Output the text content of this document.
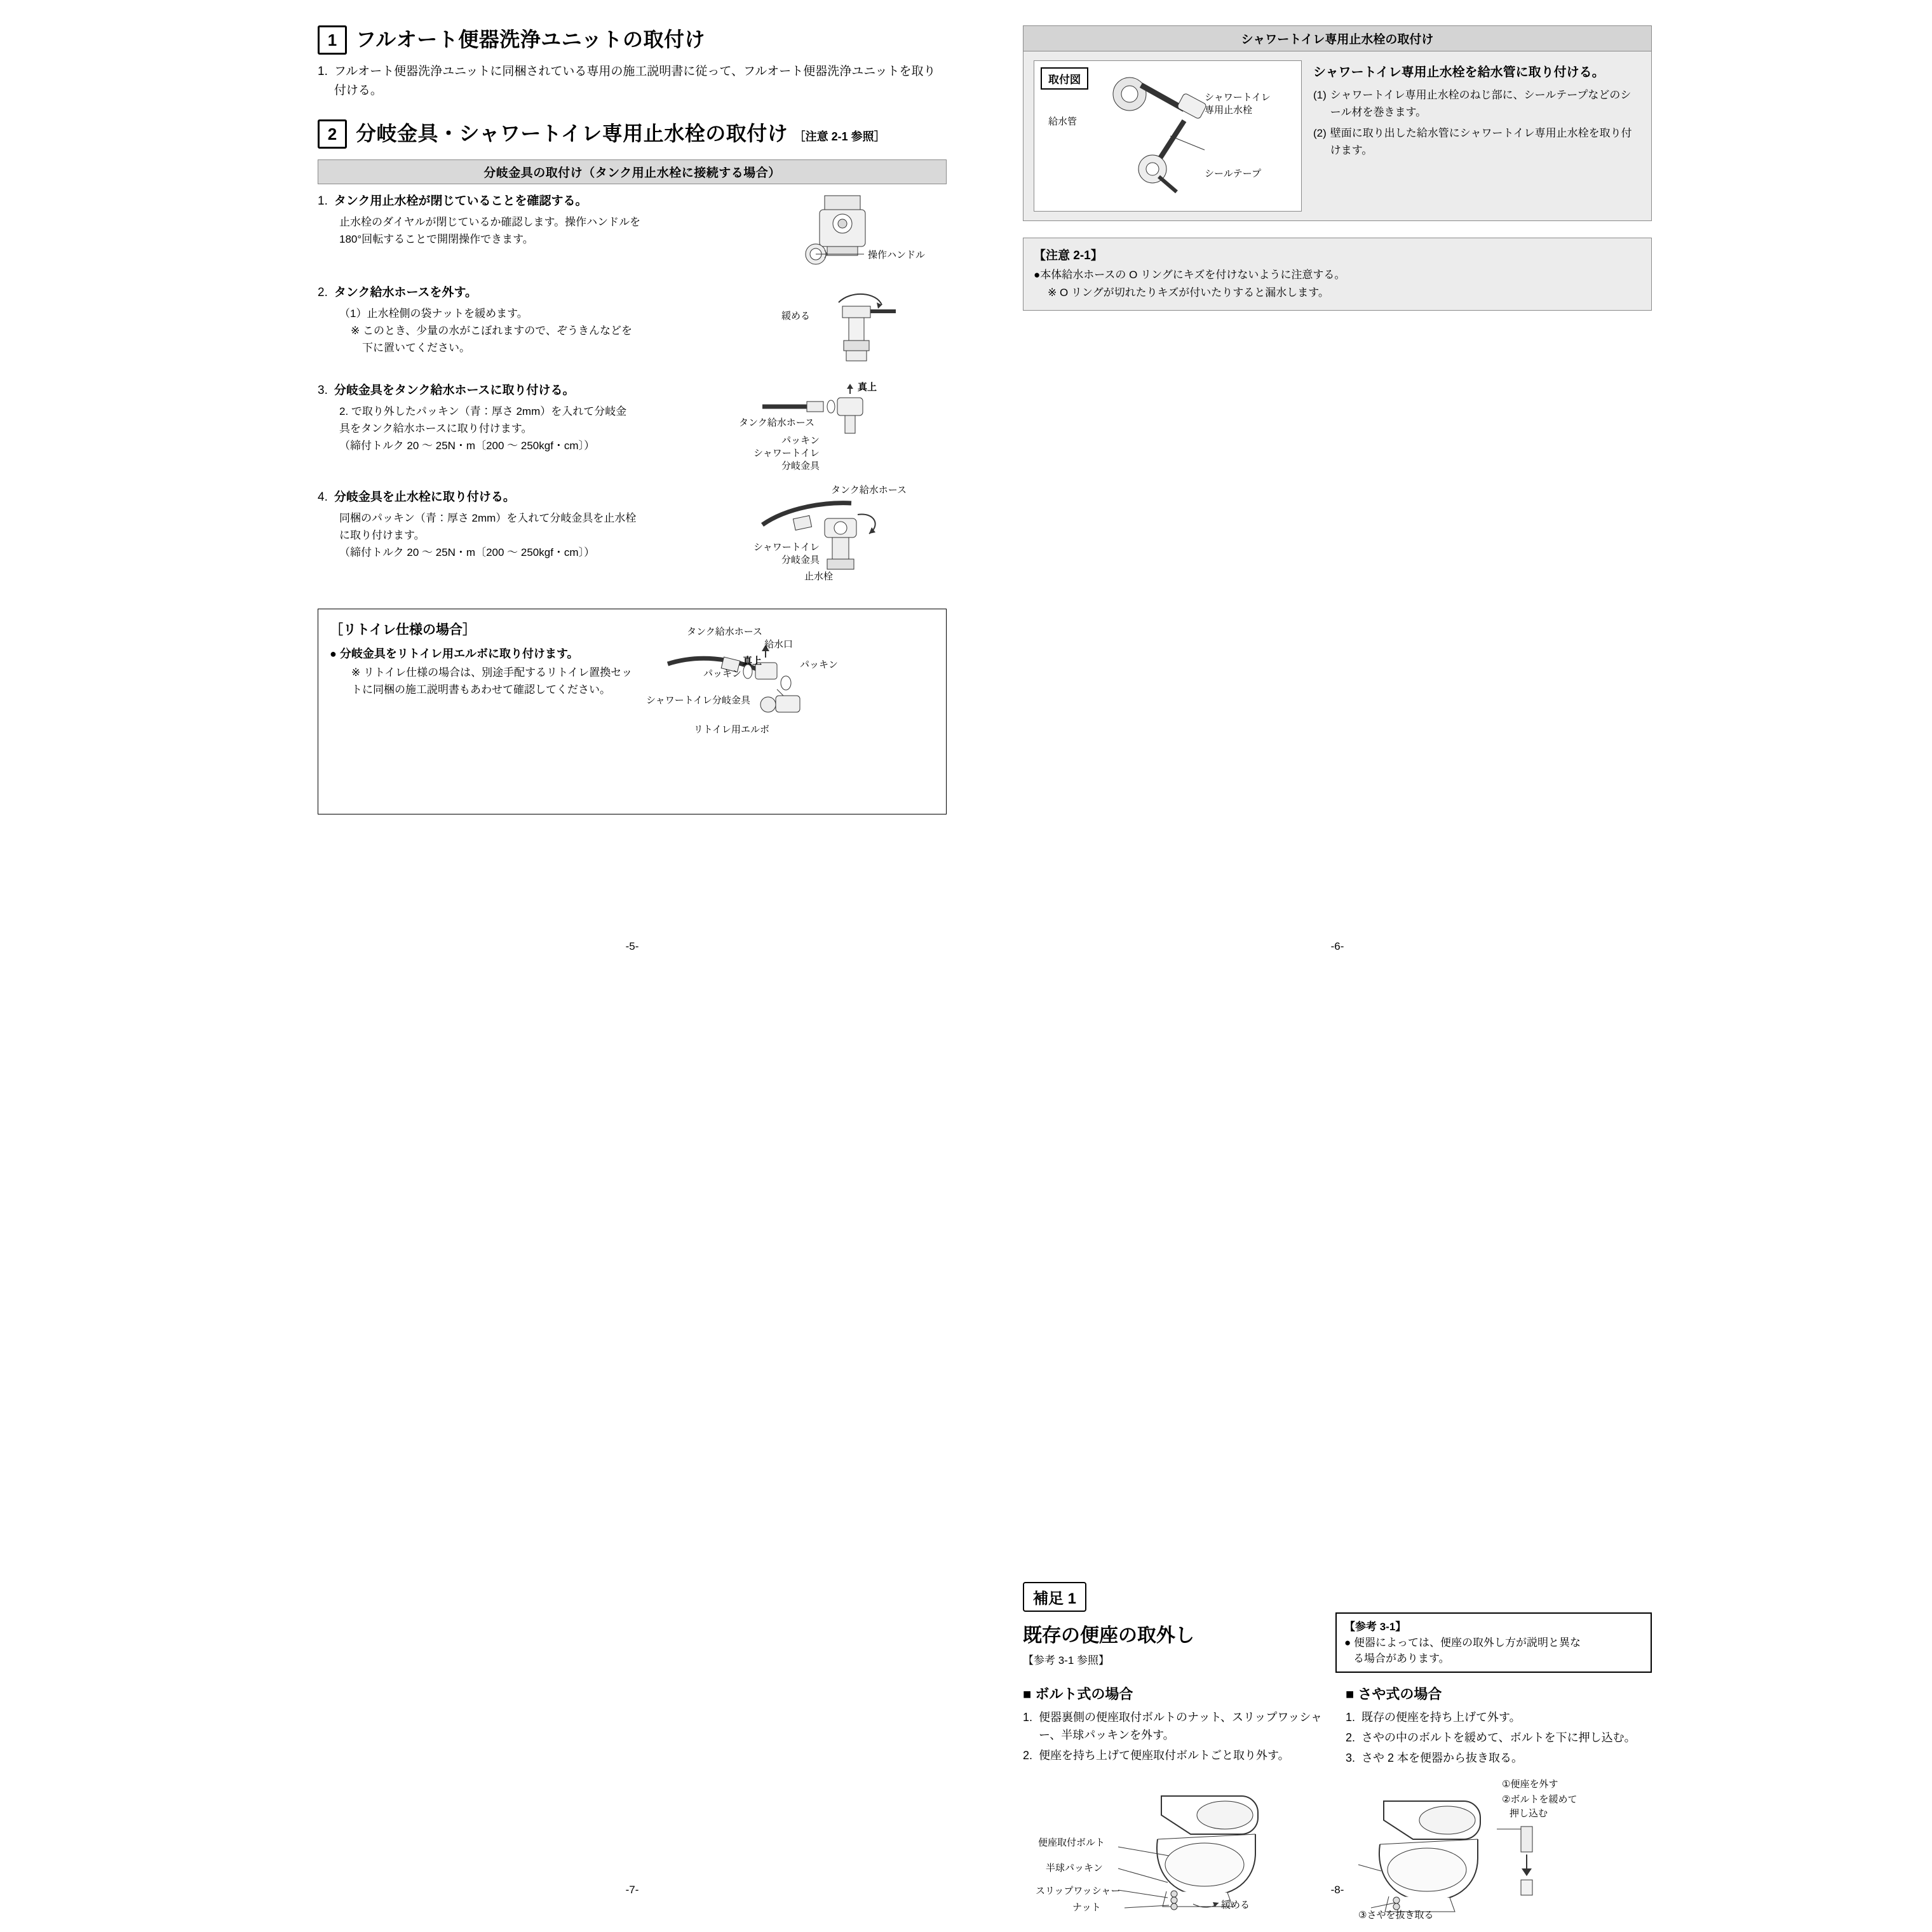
1 フルオート便器洗浄ユニットの取付け
1. フルオート便器洗浄ユニットに同梱されている専用の施工説明書に従って、フルオート便器洗浄ユニットを取り付ける。
2 分岐金具・シャワートイレ専用止水栓の取付け ［注意 2-1 参照］
分岐金具の取付け（タンク用止水栓に接続する場合）
1. タンク用止水栓が閉じていることを確認する。

止水栓のダイヤルが閉じているか確認します。操作ハンドルを

180°回転することで開閉操作できます。

操作ハンドル
2. タンク給水ホースを外す。

（1）止水栓側の袋ナットを緩めます。

※ このとき、少量の水がこぼれますので、ぞうきんなどを

下に置いてください。

緩める
3. 分岐金具をタンク給水ホースに取り付ける。

2. で取り外したパッキン（青：厚さ 2mm）を入れて分岐金

具をタンク給水ホースに取り付けます。

（締付トルク 20 〜 25N・m〔200 〜 250kgf・cm〕）

真上
タンク給水ホース
パッキン
シャワートイレ
分岐金具
4. 分岐金具を止水栓に取り付ける。

同梱のパッキン（青：厚さ 2mm）を入れて分岐金具を止水栓

に取り付けます。

（締付トルク 20 〜 25N・m〔200 〜 250kgf・cm〕）

タンク給水ホース
シャワートイレ
分岐金具
止水栓
［リトイレ仕様の場合］
● 分岐金具をリトイレ用エルボに取り付けます。

※ リトイレ仕様の場合は、別途手配するリトイレ置換セッ

トに同梱の施工説明書もあわせて確認してください。

タンク給水ホース
給水口
真上
パッキン
パッキン
シャワートイレ分岐金具
リトイレ用エルボ
-5-
シャワートイレ専用止水栓の取付け
取付図
給水管
シャワートイレ
専用止水栓
シールテープ
シャワートイレ専用止水栓を給水管に取り付ける。
(1) シャワートイレ専用止水栓のねじ部に、シールテープなどのシール材を巻きます。
(2) 壁面に取り出した給水管にシャワートイレ専用止水栓を取り付けます。
【注意 2-1】
●本体給水ホースの O リングにキズを付けないように注意する。
※ O リングが切れたりキズが付いたりすると漏水します。
-6-
-7-
補足 1
既存の便座の取外し
【参考 3-1 参照】
【参考 3-1】
● 便器によっては、便座の取外し方が説明と異な
る場合があります。
■ ボルト式の場合
1. 便器裏側の便座取付ボルトのナット、スリップワッシャー、半球パッキンを外す。
2. 便座を持ち上げて便座取付ボルトごと取り外す。
便座取付ボルト
半球パッキン
スリップワッシャー
ナット	緩める
■ さや式の場合
1. 既存の便座を持ち上げて外す。
2. さやの中のボルトを緩めて、ボルトを下に押し込む。
3. さや 2 本を便器から抜き取る。
①便座を外す
②ボルトを緩めて
押し込む
③さやを抜き取る
-8-
